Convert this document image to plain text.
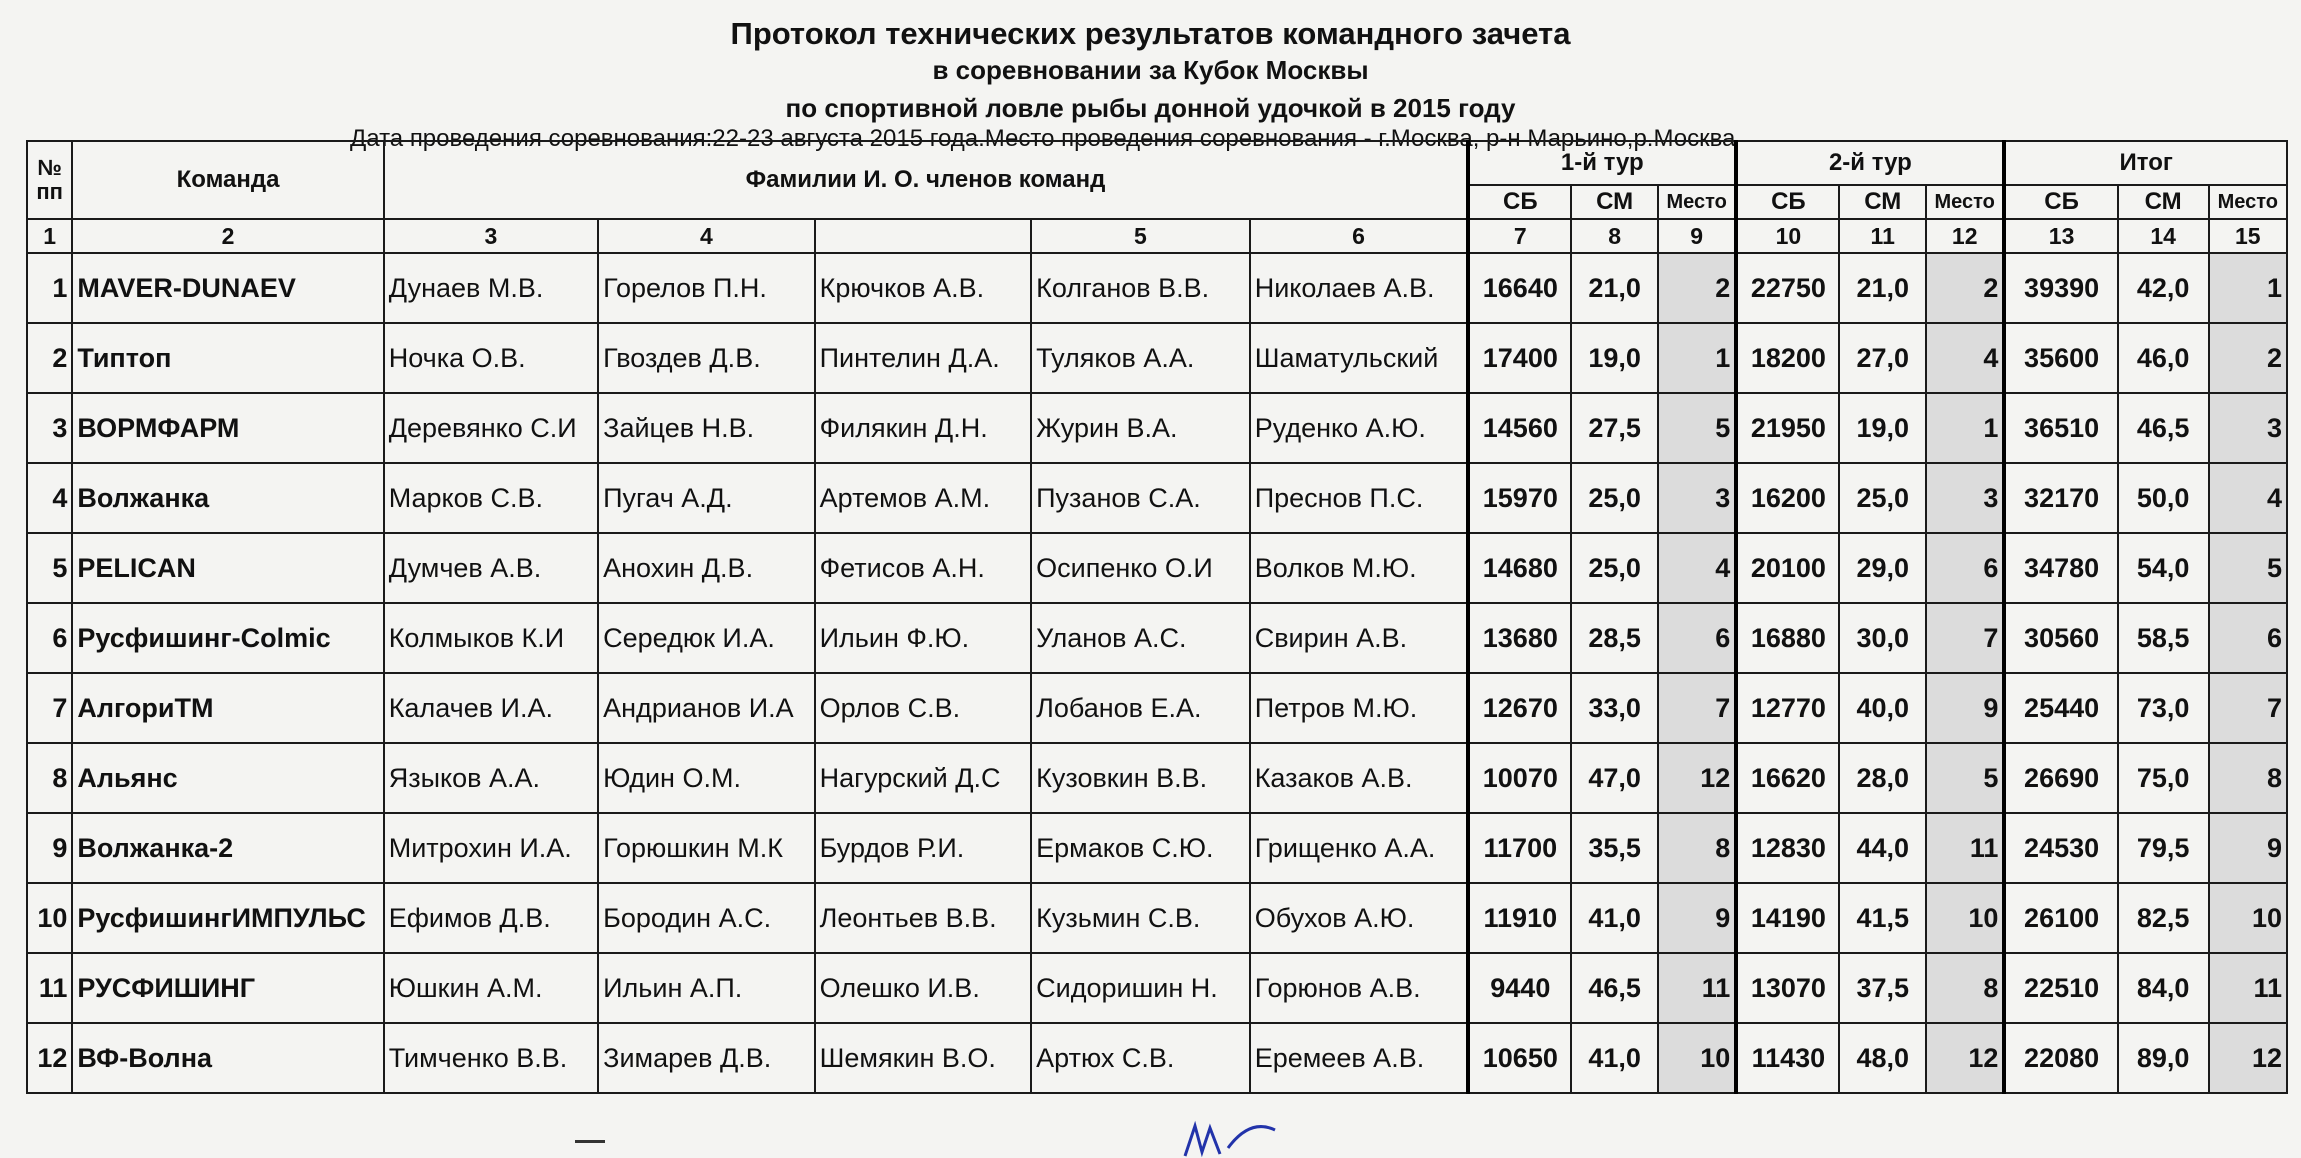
Протокол технических результатов командного зачета
в соревновании за Кубок Москвы
по спортивной ловле рыбы донной удочкой в 2015 году
Дата проведения соревнования:22-23 августа 2015 года.Место проведения соревнования - г.Москва, р-н Марьино,р.Москва
№ пп	Команда	Фамилии И. О. членов команд					1-й тур			2-й тур			Итог		
							СБ	СМ	Место	СБ	СМ	Место	СБ	СМ	Место
1	2	3	4		5	6	7	8	9	10	11	12	13	14	15
1	MAVER-DUNAEV	Дунаев М.В.	Горелов П.Н.	Крючков А.В.	Колганов В.В.	Николаев А.В.	16640	21,0	2	22750	21,0	2	39390	42,0	1
2	Типтоп	Ночка О.В.	Гвоздев Д.В.	Пинтелин Д.А.	Туляков А.А.	Шаматульский	17400	19,0	1	18200	27,0	4	35600	46,0	2
3	ВОРМФАРМ	Деревянко С.И	Зайцев Н.В.	Филякин Д.Н.	Журин В.А.	Руденко А.Ю.	14560	27,5	5	21950	19,0	1	36510	46,5	3
4	Волжанка	Марков С.В.	Пугач А.Д.	Артемов А.М.	Пузанов С.А.	Преснов П.С.	15970	25,0	3	16200	25,0	3	32170	50,0	4
5	PELICAN	Думчев А.В.	Анохин Д.В.	Фетисов А.Н.	Осипенко О.И	Волков М.Ю.	14680	25,0	4	20100	29,0	6	34780	54,0	5
6	Русфишинг-Colmic	Колмыков К.И	Середюк И.А.	Ильин Ф.Ю.	Уланов А.С.	Свирин А.В.	13680	28,5	6	16880	30,0	7	30560	58,5	6
7	АлгориТМ	Калачев И.А.	Андрианов И.А	Орлов С.В.	Лобанов Е.А.	Петров М.Ю.	12670	33,0	7	12770	40,0	9	25440	73,0	7
8	Альянс	Языков А.А.	Юдин О.М.	Нагурский Д.С	Кузовкин В.В.	Казаков А.В.	10070	47,0	12	16620	28,0	5	26690	75,0	8
9	Волжанка-2	Митрохин И.А.	Горюшкин М.К	Бурдов Р.И.	Ермаков С.Ю.	Грищенко А.А.	11700	35,5	8	12830	44,0	11	24530	79,5	9
10	РусфишингИМПУЛЬС	Ефимов Д.В.	Бородин А.С.	Леонтьев В.В.	Кузьмин С.В.	Обухов А.Ю.	11910	41,0	9	14190	41,5	10	26100	82,5	10
11	РУСФИШИНГ	Юшкин А.М.	Ильин А.П.	Олешко И.В.	Сидоришин Н.	Горюнов А.В.	9440	46,5	11	13070	37,5	8	22510	84,0	11
12	ВФ-Волна	Тимченко В.В.	Зимарев Д.В.	Шемякин В.О.	Артюх С.В.	Еремеев А.В.	10650	41,0	10	11430	48,0	12	22080	89,0	12
